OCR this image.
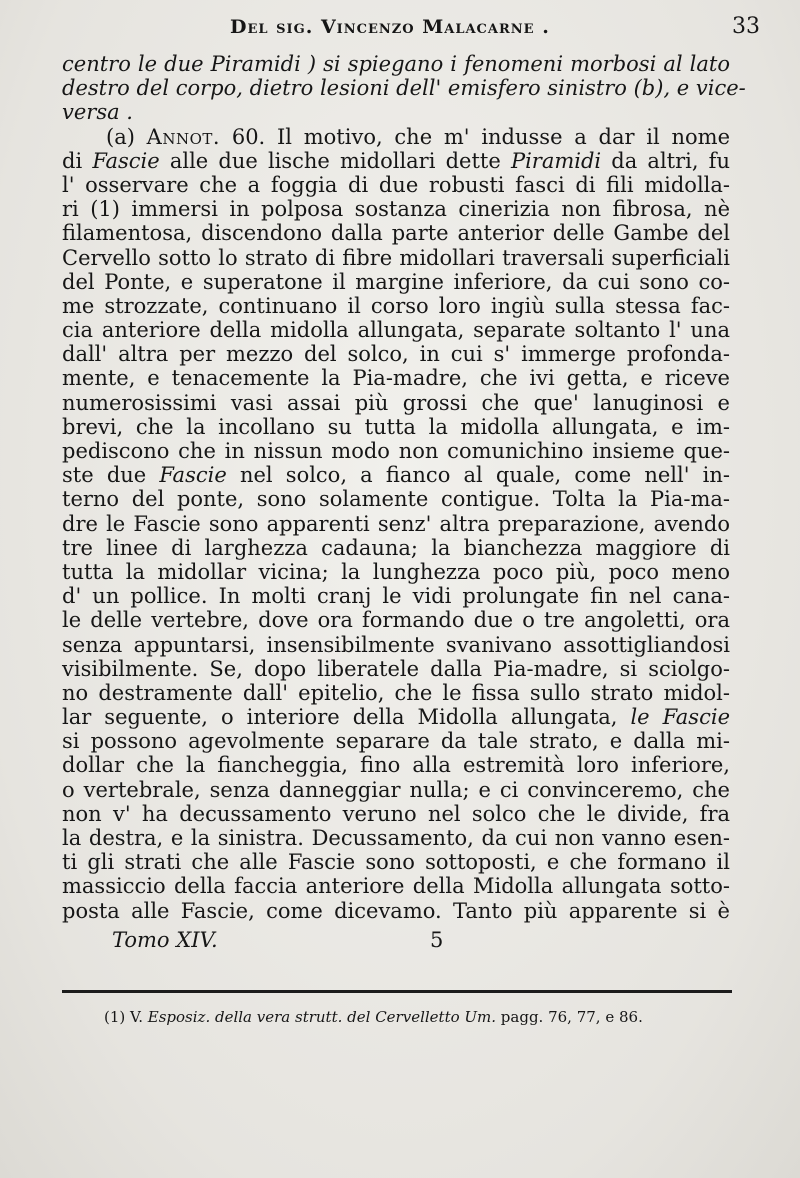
Del sig. Vincenzo Malacarne .	33
centro le due Piramidi ) si spiegano i fenomeni morbosi al lato
destro del corpo, dietro lesioni dell' emisfero sinistro (b), e vice-
versa .
(a) Annot. 60. Il motivo, che m' indusse a dar il nome
di Fascie alle due lische midollari dette Piramidi da altri, fu
l' osservare che a foggia di due robusti fasci di fili midolla-
ri (1) immersi in polposa sostanza cinerizia non fibrosa, nè
filamentosa, discendono dalla parte anterior delle Gambe del
Cervello sotto lo strato di fibre midollari traversali superficiali
del Ponte, e superatone il margine inferiore, da cui sono co-
me strozzate, continuano il corso loro ingiù sulla stessa fac-
cia anteriore della midolla allungata, separate soltanto l' una
dall' altra per mezzo del solco, in cui s' immerge profonda-
mente, e tenacemente la Pia-madre, che ivi getta, e riceve
numerosissimi vasi assai più grossi che que' lanuginosi e
brevi, che la incollano su tutta la midolla allungata, e im-
pediscono che in nissun modo non comunichino insieme que-
ste due Fascie nel solco, a fianco al quale, come nell' in-
terno del ponte, sono solamente contigue. Tolta la Pia-ma-
dre le Fascie sono apparenti senz' altra preparazione, avendo
tre linee di larghezza cadauna; la bianchezza maggiore di
tutta la midollar vicina; la lunghezza poco più, poco meno
d' un pollice. In molti cranj le vidi prolungate fin nel cana-
le delle vertebre, dove ora formando due o tre angoletti, ora
senza appuntarsi, insensibilmente svanivano assottigliandosi
visibilmente. Se, dopo liberatele dalla Pia-madre, si sciolgo-
no destramente dall' epitelio, che le fissa sullo strato midol-
lar seguente, o interiore della Midolla allungata, le Fascie
si possono agevolmente separare da tale strato, e dalla mi-
dollar che la fiancheggia, fino alla estremità loro inferiore,
o vertebrale, senza danneggiar nulla; e ci convinceremo, che
non v' ha decussamento veruno nel solco che le divide, fra
la destra, e la sinistra. Decussamento, da cui non vanno esen-
ti gli strati che alle Fascie sono sottoposti, e che formano il
massiccio della faccia anteriore della Midolla allungata sotto-
posta alle Fascie, come dicevamo. Tanto più apparente si è
Tomo XIV.	5
(1) V. Esposiz. della vera strutt. del Cervelletto Um. pagg. 76, 77, e 86.
